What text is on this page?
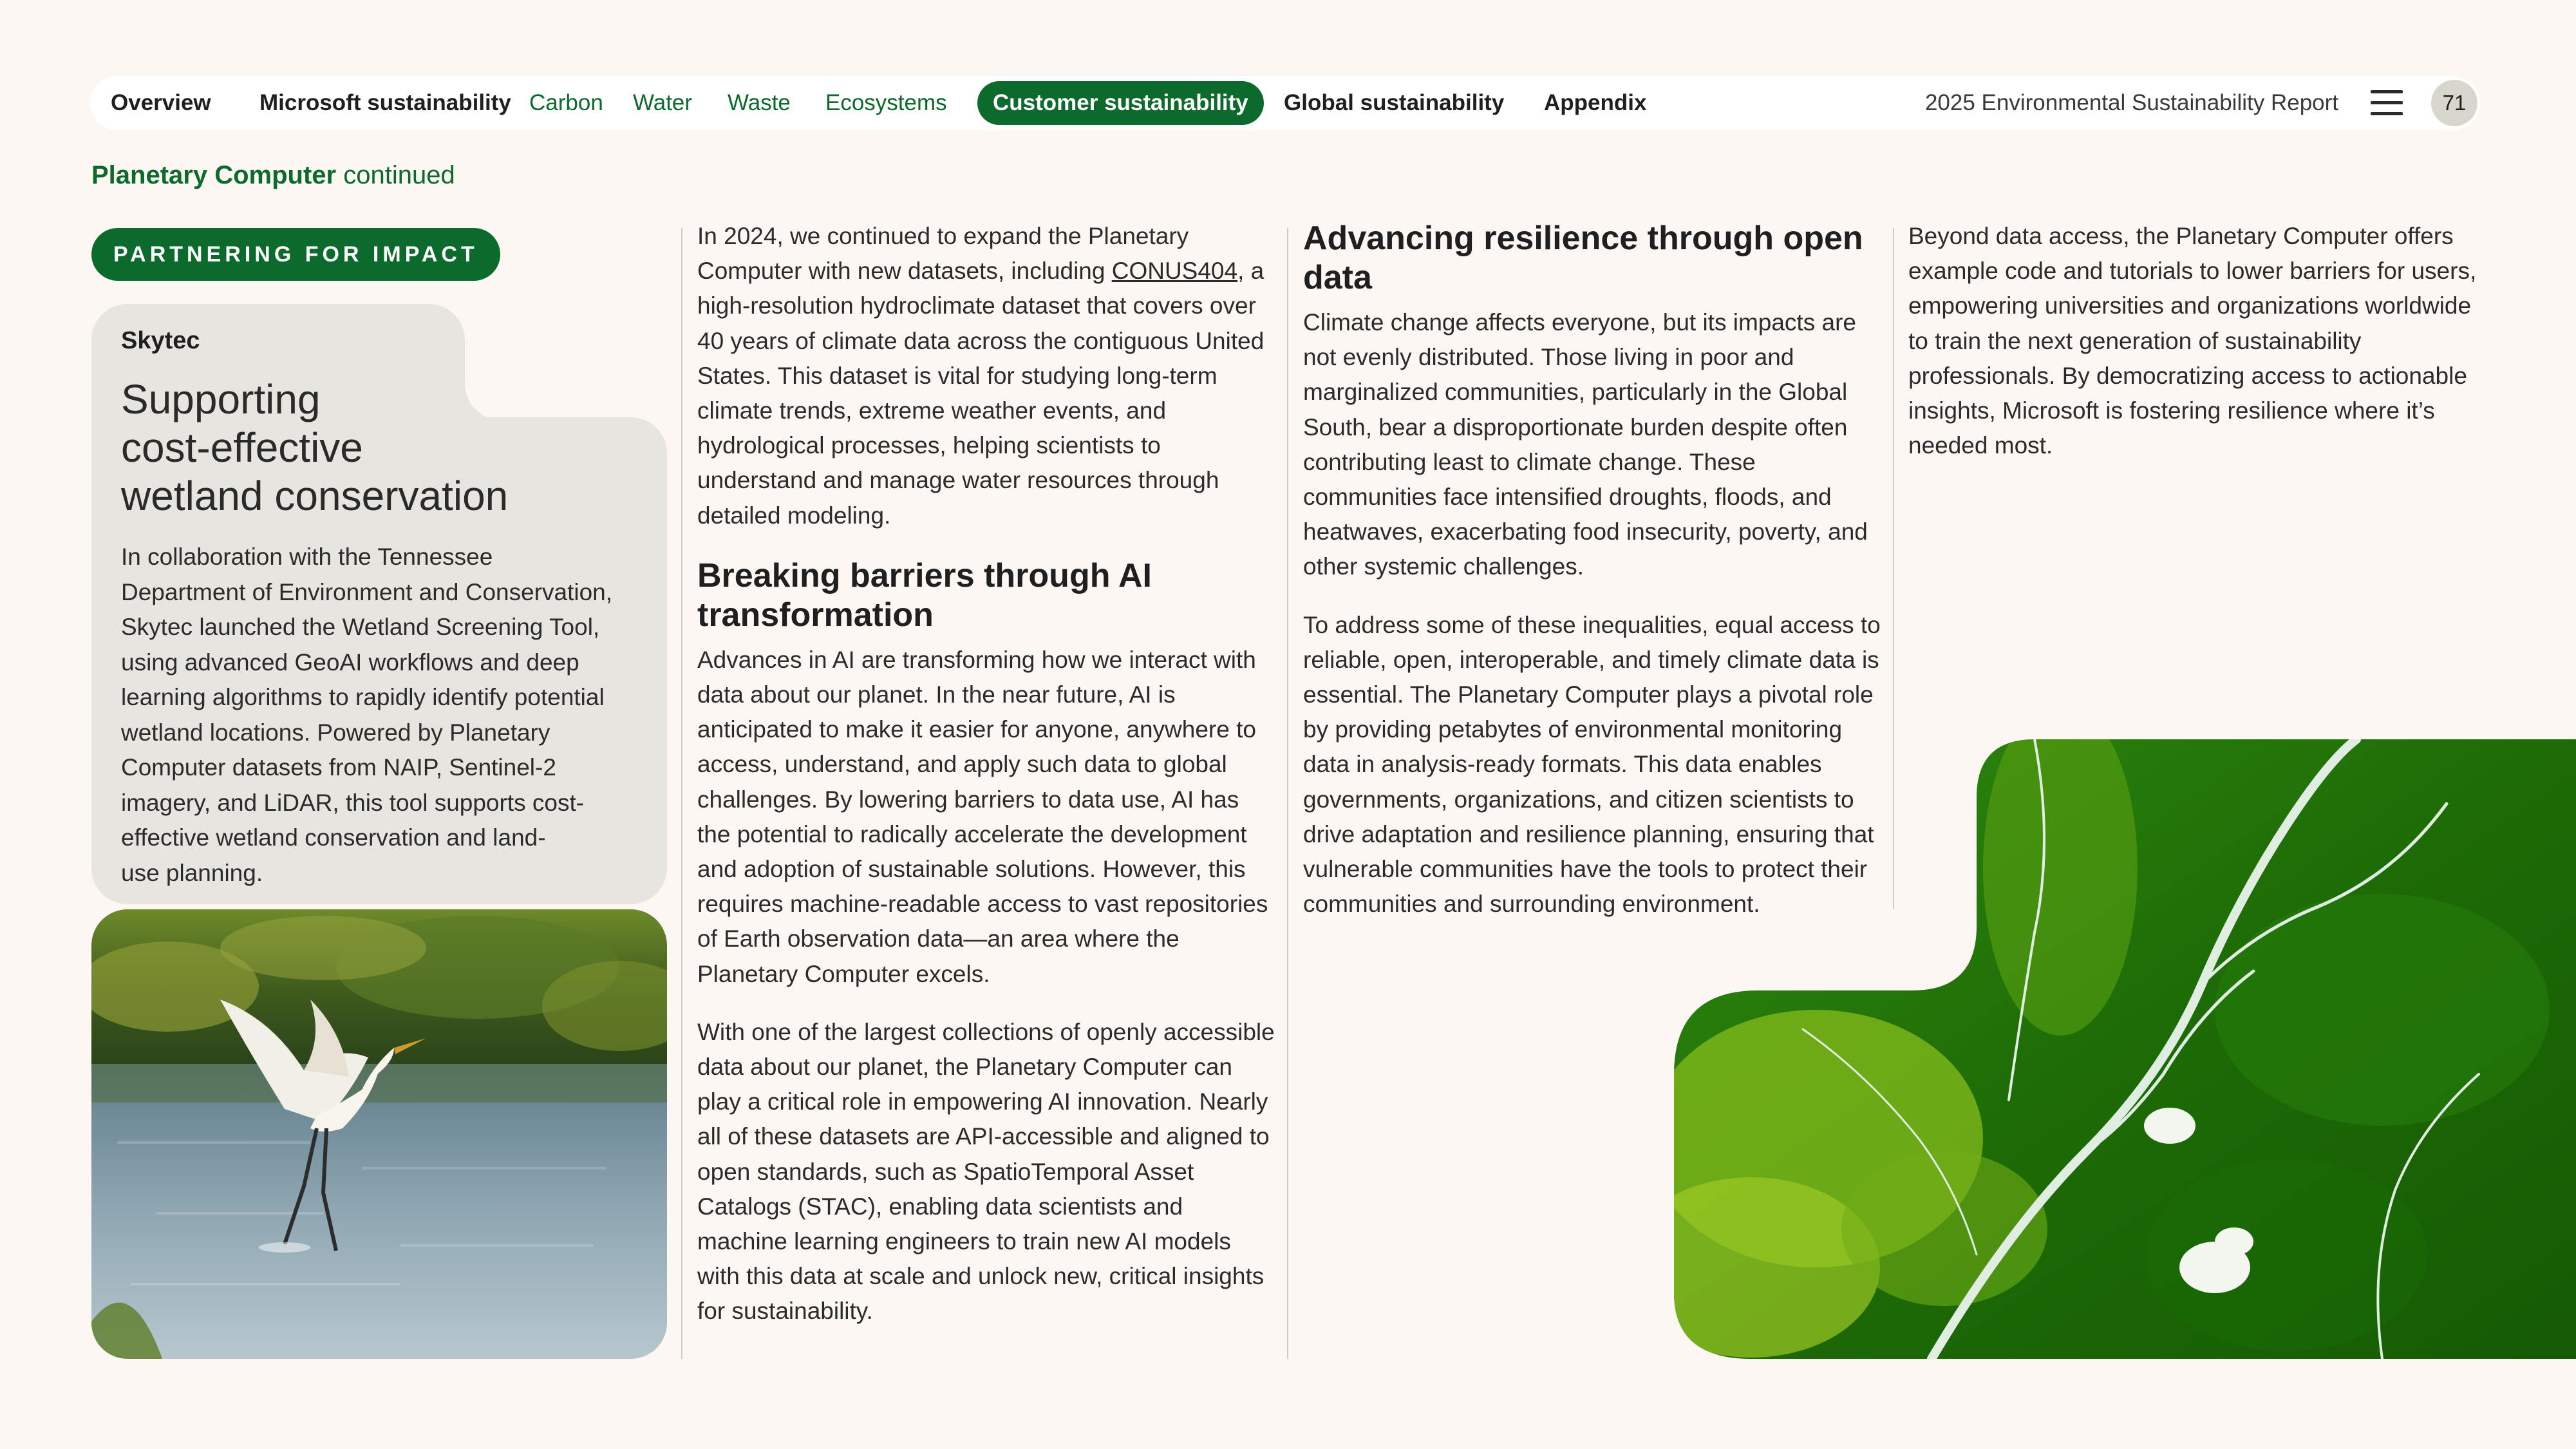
Overview Microsoft sustainability Carbon Water Waste Ecosystems	Customer sustainability	Global sustainability Appendix	2025 Environmental Sustainability Report	71
Planetary Computer continued
PARTNERING FOR IMPACT

Skytec

Supporting
cost-effective
wetland conservation

In collaboration with the Tennessee
Department of Environment and Conservation,
Skytec launched the Wetland Screening Tool,
using advanced GeoAI workflows and deep
learning algorithms to rapidly identify potential
wetland locations. Powered by Planetary
Computer datasets from NAIP, Sentinel-2
imagery, and LiDAR, this tool supports cost-
effective wetland conservation and land-
use planning.

In 2024, we continued to expand the Planetary Computer with new datasets, including CONUS404, a high-resolution hydroclimate dataset that covers over 40 years of climate data across the contiguous United States. This dataset is vital for studying long-term climate trends, extreme weather events, and hydrological processes, helping scientists to understand and manage water resources through detailed modeling.

Breaking barriers through AI transformation

Advances in AI are transforming how we interact with data about our planet. In the near future, AI is anticipated to make it easier for anyone, anywhere to access, understand, and apply such data to global challenges. By lowering barriers to data use, AI has the potential to radically accelerate the development and adoption of sustainable solutions. However, this requires machine-readable access to vast repositories of Earth observation data—an area where the Planetary Computer excels.

With one of the largest collections of openly accessible data about our planet, the Planetary Computer can play a critical role in empowering AI innovation. Nearly all of these datasets are API-accessible and aligned to open standards, such as SpatioTemporal Asset Catalogs (STAC), enabling data scientists and machine learning engineers to train new AI models with this data at scale and unlock new, critical insights for sustainability.

Advancing resilience through open data

Climate change affects everyone, but its impacts are not evenly distributed. Those living in poor and marginalized communities, particularly in the Global South, bear a disproportionate burden despite often contributing least to climate change. These communities face intensified droughts, floods, and heatwaves, exacerbating food insecurity, poverty, and other systemic challenges.

To address some of these inequalities, equal access to reliable, open, interoperable, and timely climate data is essential. The Planetary Computer plays a pivotal role by providing petabytes of environmental monitoring data in analysis-ready formats. This data enables governments, organizations, and citizen scientists to drive adaptation and resilience planning, ensuring that vulnerable communities have the tools to protect their communities and surrounding environment.

Beyond data access, the Planetary Computer offers example code and tutorials to lower barriers for users, empowering universities and organizations worldwide to train the next generation of sustainability professionals. By democratizing access to actionable insights, Microsoft is fostering resilience where it’s needed most.
